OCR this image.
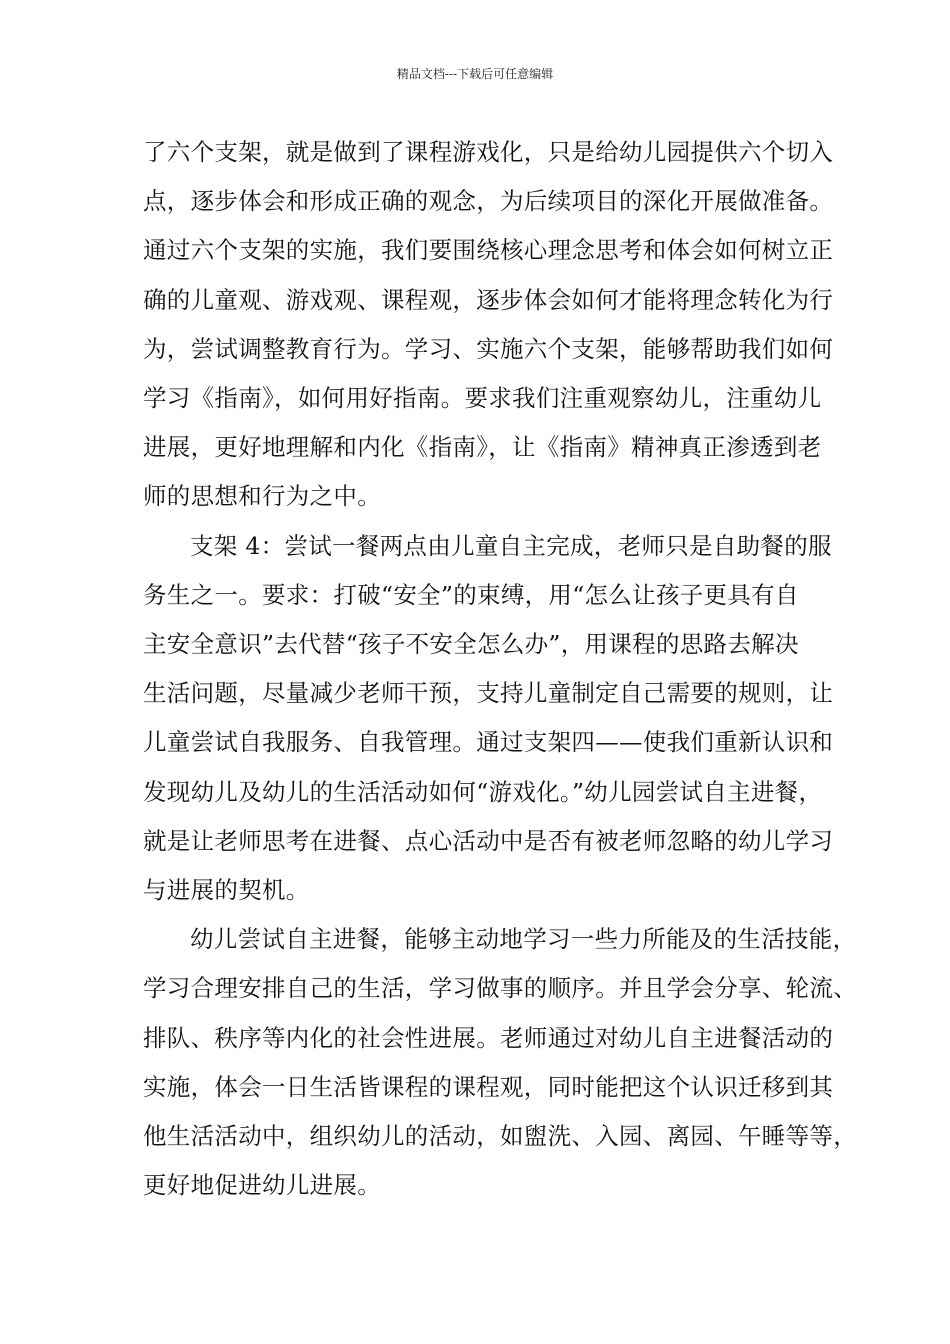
精品文档---下载后可任意编辑

了六个支架，就是做到了课程游戏化，只是给幼儿园提供六个切入
点，逐步体会和形成正确的观念，为后续项目的深化开展做准备。
通过六个支架的实施，我们要围绕核心理念思考和体会如何树立正
确的儿童观、游戏观、课程观，逐步体会如何才能将理念转化为行
为，尝试调整教育行为。学习、实施六个支架，能够帮助我们如何
学习《指南》，如何用好指南。要求我们注重观察幼儿，注重幼儿
进展，更好地理解和内化《指南》，让《指南》精神真正渗透到老
师的思想和行为之中。

支架 4：尝试一餐两点由儿童自主完成，老师只是自助餐的服
务生之一。要求：打破“安全”的束缚，用“怎么让孩子更具有自
主安全意识”去代替“孩子不安全怎么办”，用课程的思路去解决
生活问题，尽量减少老师干预，支持儿童制定自己需要的规则，让
儿童尝试自我服务、自我管理。通过支架四——使我们重新认识和
发现幼儿及幼儿的生活活动如何“游戏化。”幼儿园尝试自主进餐，
就是让老师思考在进餐、点心活动中是否有被老师忽略的幼儿学习
与进展的契机。

幼儿尝试自主进餐，能够主动地学习一些力所能及的生活技能，
学习合理安排自己的生活，学习做事的顺序。并且学会分享、轮流、
排队、秩序等内化的社会性进展。老师通过对幼儿自主进餐活动的
实施，体会一日生活皆课程的课程观，同时能把这个认识迁移到其
他生活活动中，组织幼儿的活动，如盥洗、入园、离园、午睡等等，
更好地促进幼儿进展。
